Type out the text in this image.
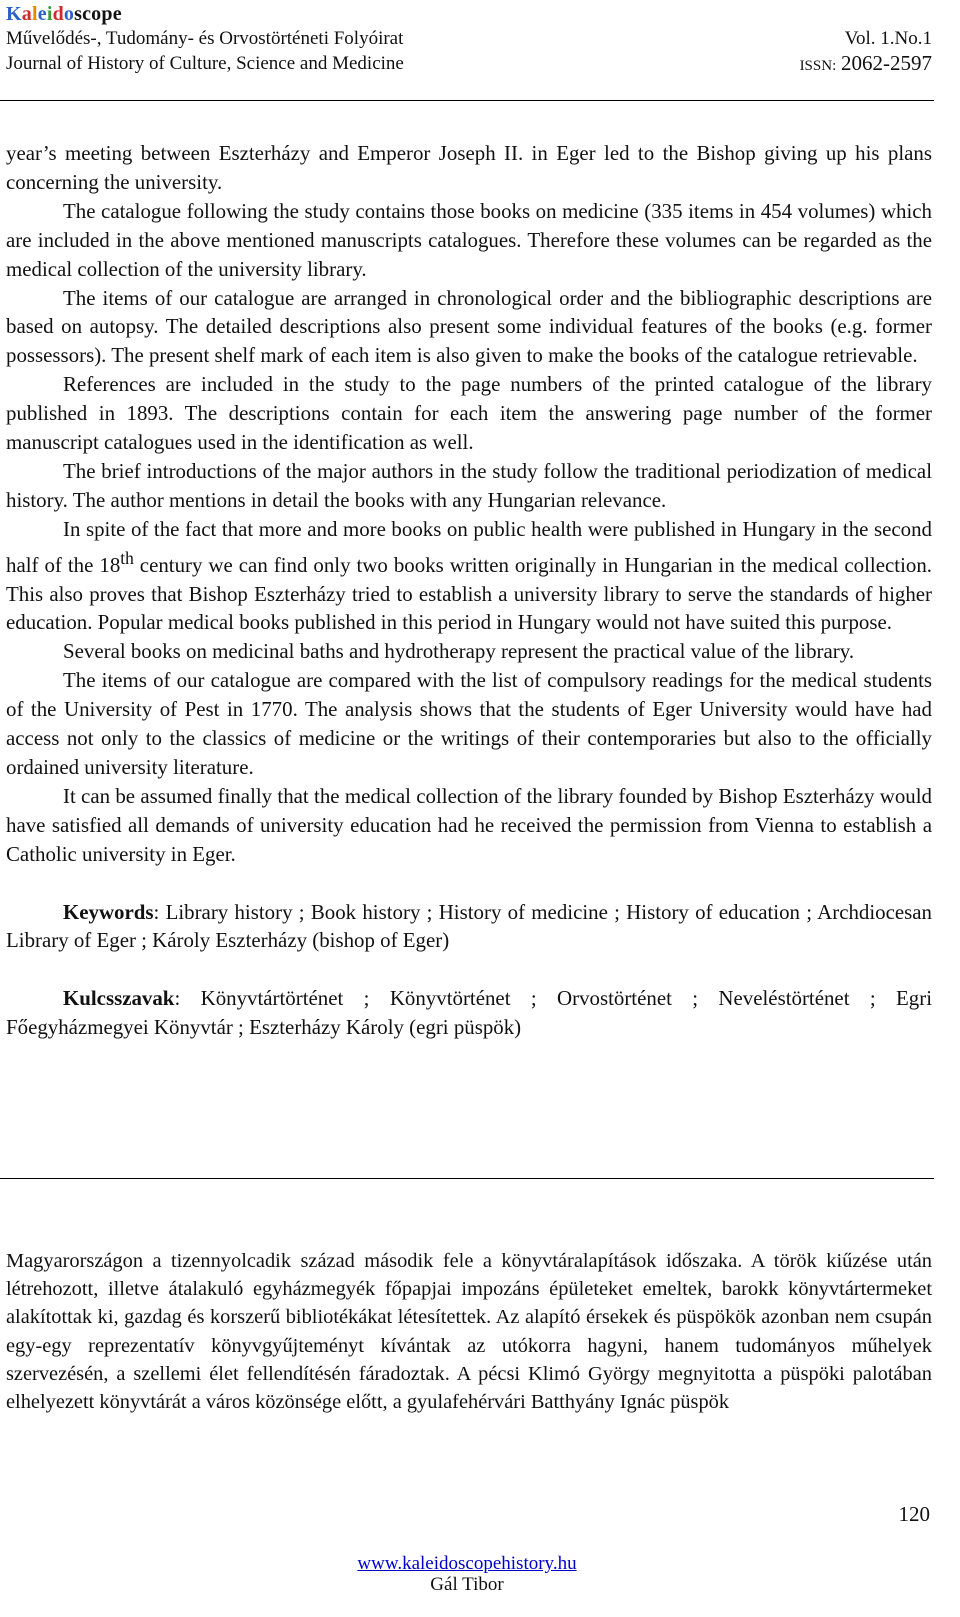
Kaleidoscope
Művelődés-, Tudomány- és Orvostörténeti Folyóirat	Vol. 1.No.1
Journal of History of Culture, Science and Medicine	ISSN: 2062-2597

year’s meeting between Eszterházy and Emperor Joseph II. in Eger led to the Bishop giving up his plans concerning the university.

The catalogue following the study contains those books on medicine (335 items in 454 volumes) which are included in the above mentioned manuscripts catalogues. Therefore these volumes can be regarded as the medical collection of the university library.

The items of our catalogue are arranged in chronological order and the bibliographic descriptions are based on autopsy. The detailed descriptions also present some individual features of the books (e.g. former possessors). The present shelf mark of each item is also given to make the books of the catalogue retrievable.

References are included in the study to the page numbers of the printed catalogue of the library published in 1893. The descriptions contain for each item the answering page number of the former manuscript catalogues used in the identification as well.

The brief introductions of the major authors in the study follow the traditional periodization of medical history. The author mentions in detail the books with any Hungarian relevance.

In spite of the fact that more and more books on public health were published in Hungary in the second half of the 18th century we can find only two books written originally in Hungarian in the medical collection. This also proves that Bishop Eszterházy tried to establish a university library to serve the standards of higher education. Popular medical books published in this period in Hungary would not have suited this purpose.

Several books on medicinal baths and hydrotherapy represent the practical value of the library.

The items of our catalogue are compared with the list of compulsory readings for the medical students of the University of Pest in 1770. The analysis shows that the students of Eger University would have had access not only to the classics of medicine or the writings of their contemporaries but also to the officially ordained university literature.

It can be assumed finally that the medical collection of the library founded by Bishop Eszterházy would have satisfied all demands of university education had he received the permission from Vienna to establish a Catholic university in Eger.

Keywords: Library history ; Book history ; History of medicine ; History of education ; Archdiocesan Library of Eger ; Károly Eszterházy (bishop of Eger)

Kulcsszavak: Könyvtártörténet ; Könyvtörténet ; Orvostörténet ; Neveléstörténet ; Egri Főegyházmegyei Könyvtár ; Eszterházy Károly (egri püspök)

Magyarországon a tizennyolcadik század második fele a könyvtáralapítások időszaka. A török kiűzése után létrehozott, illetve átalakuló egyházmegyék főpapjai impozáns épületeket emeltek, barokk könyvtártermeket alakítottak ki, gazdag és korszerű bibliotékákat létesítettek. Az alapító érsekek és püspökök azonban nem csupán egy-egy reprezentatív könyvgyűjteményt kívántak az utókorra hagyni, hanem tudományos műhelyek szervezésén, a szellemi élet fellendítésén fáradoztak. A pécsi Klimó György megnyitotta a püspöki palotában elhelyezett könyvtárát a város közönsége előtt, a gyulafehérvári Batthyány Ignác püspök

120
www.kaleidoscopehistory.hu
Gál Tibor
